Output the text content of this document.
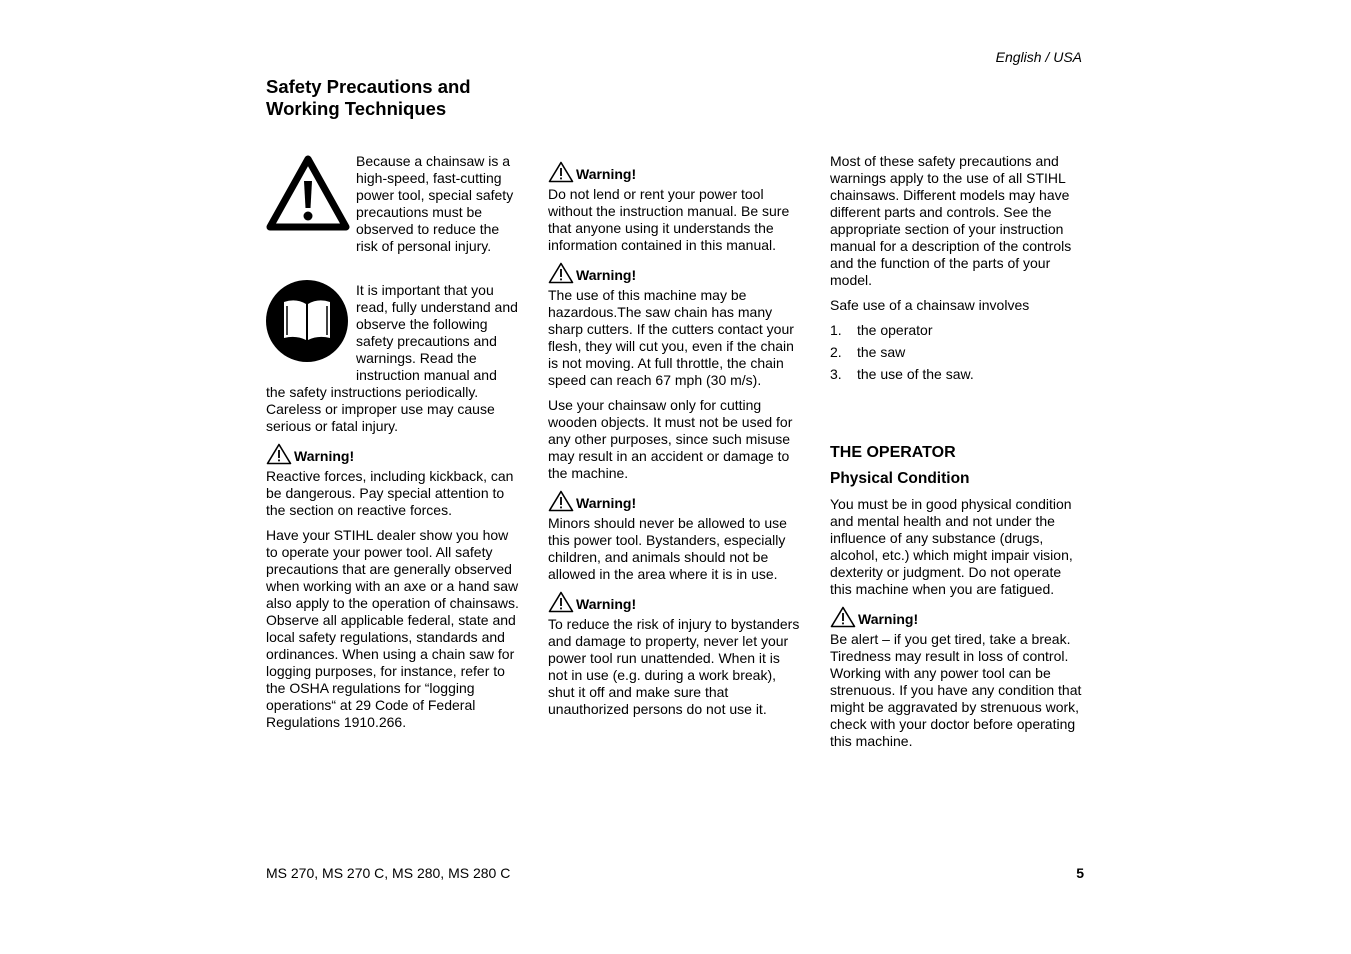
English / USA
Safety Precautions and
Working Techniques

Because a chainsaw is a high-speed, fast-cutting power tool, special safety precautions must be observed to reduce the risk of personal injury.

It is important that you read, fully understand and observe the following safety precautions and warnings. Read the instruction manual and the safety instructions periodically. Careless or improper use may cause serious or fatal injury.

Warning!

Reactive forces, including kickback, can be dangerous. Pay special attention to the section on reactive forces.

Have your STIHL dealer show you how to operate your power tool. All safety precautions that are generally observed when working with an axe or a hand saw also apply to the operation of chainsaws. Observe all applicable federal, state and local safety regulations, standards and ordinances. When using a chain saw for logging purposes, for instance, refer to the OSHA regulations for “logging operations“ at 29 Code of Federal Regulations 1910.266.

Warning!

Do not lend or rent your power tool without the instruction manual. Be sure that anyone using it understands the information contained in this manual.

Warning!

The use of this machine may be hazardous.The saw chain has many sharp cutters. If the cutters contact your flesh, they will cut you, even if the chain is not moving. At full throttle, the chain speed can reach 67 mph (30 m/s).

Use your chainsaw only for cutting wooden objects. It must not be used for any other purposes, since such misuse may result in an accident or damage to the machine.

Warning!

Minors should never be allowed to use this power tool. Bystanders, especially children, and animals should not be allowed in the area where it is in use.

Warning!

To reduce the risk of injury to bystanders and damage to property, never let your power tool run unattended. When it is not in use (e.g. during a work break), shut it off and make sure that unauthorized persons do not use it.

Most of these safety precautions and warnings apply to the use of all STIHL chainsaws. Different models may have different parts and controls. See the appropriate section of your instruction manual for a description of the controls and the function of the parts of your model.

Safe use of a chainsaw involves

1.	the operator
2.	the saw
3.	the use of the saw.
THE OPERATOR
Physical Condition

You must be in good physical condition and mental health and not under the influence of any substance (drugs, alcohol, etc.) which might impair vision, dexterity or judgment. Do not operate this machine when you are fatigued.

Warning!

Be alert – if you get tired, take a break. Tiredness may result in loss of control. Working with any power tool can be strenuous. If you have any condition that might be aggravated by strenuous work, check with your doctor before operating this machine.

MS 270, MS 270 C, MS 280, MS 280 C	5
